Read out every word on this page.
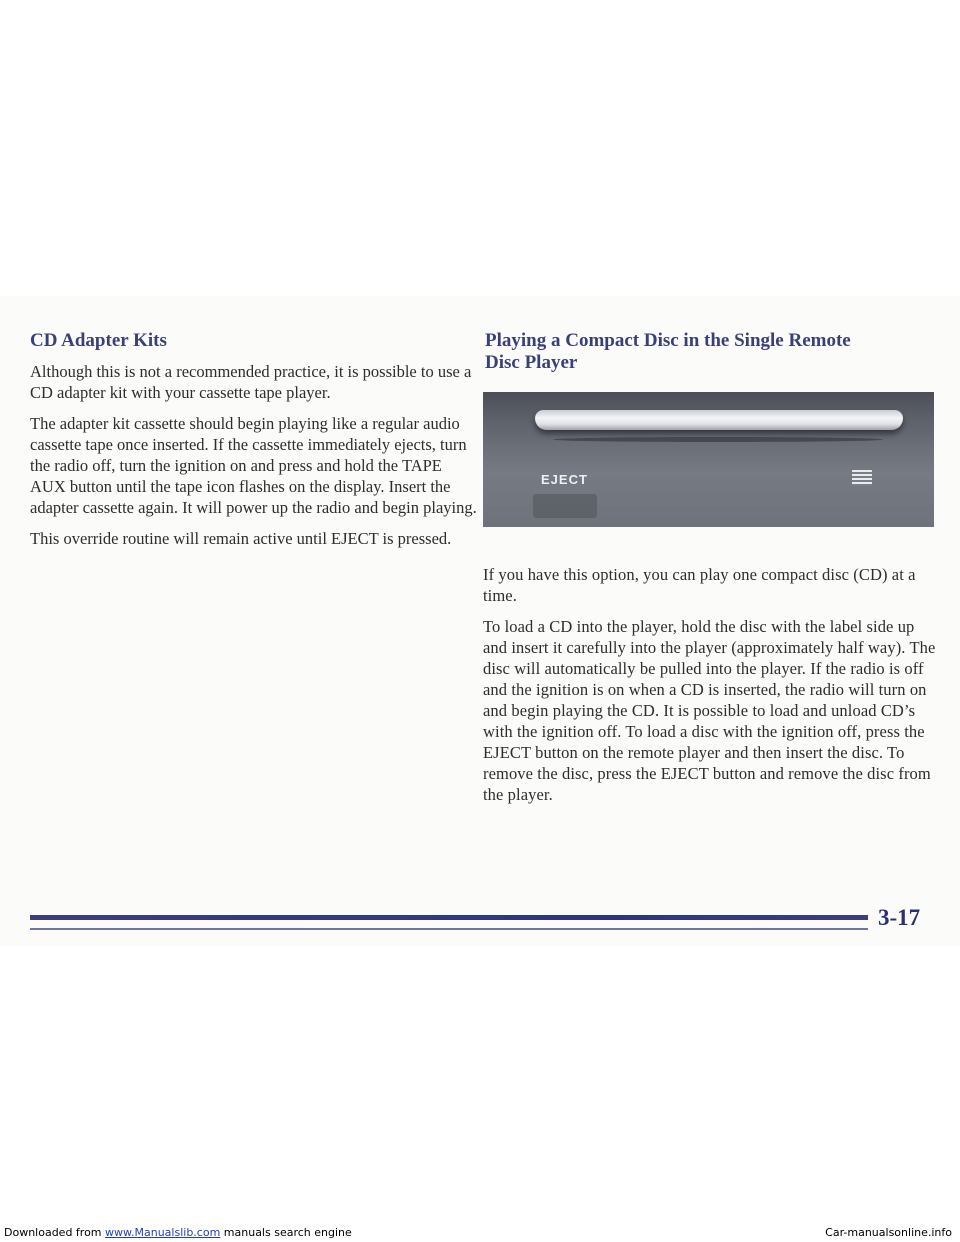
CD Adapter Kits

Although this is not a recommended practice, it is possible to use a CD adapter kit with your cassette tape player.

The adapter kit cassette should begin playing like a regular audio cassette tape once inserted. If the cassette immediately ejects, turn the radio off, turn the ignition on and press and hold the TAPE AUX button until the tape icon flashes on the display. Insert the adapter cassette again. It will power up the radio and begin playing.

This override routine will remain active until EJECT is pressed.

Playing a Compact Disc in the Single Remote Disc Player

If you have this option, you can play one compact disc (CD) at a time.

To load a CD into the player, hold the disc with the label side up and insert it carefully into the player (approximately half way). The disc will automatically be pulled into the player. If the radio is off and the ignition is on when a CD is inserted, the radio will turn on and begin playing the CD. It is possible to load and unload CD’s with the ignition off. To load a disc with the ignition off, press the EJECT button on the remote player and then insert the disc. To remove the disc, press the EJECT button and remove the disc from the player.

EJECT
3-17
Downloaded from www.Manualslib.com manuals search engine	Car-manualsonline.info
